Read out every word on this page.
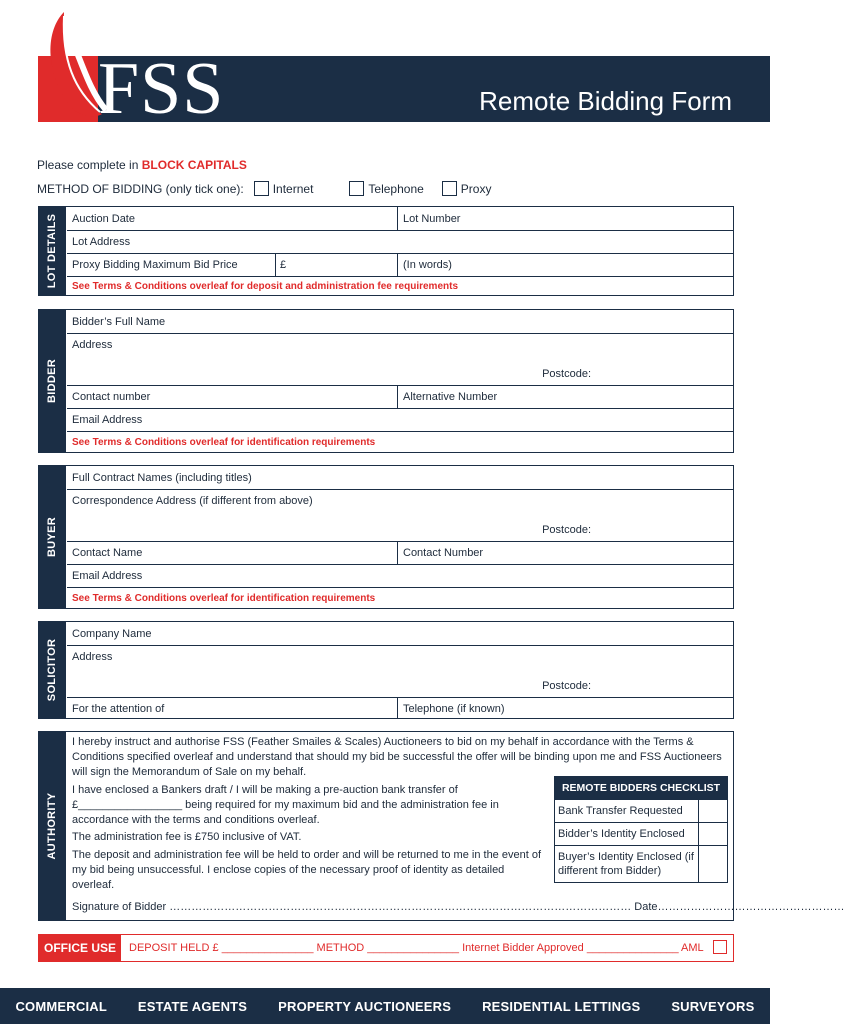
FSS	Remote Bidding Form
Please complete in BLOCK CAPITALS
METHOD OF BIDDING (only tick one): Internet	Telephone	Proxy
Auction Date	Lot Number
Lot Address
Proxy Bidding Maximum Bid Price	£	(In words)
See Terms & Conditions overleaf for deposit and administration fee requirements
LOT DETAILS
Bidder’s Full Name
Address
Postcode:
Contact number	Alternative Number
Email Address
See Terms & Conditions overleaf for identification requirements
BIDDER
Full Contract Names (including titles)
Correspondence Address (if different from above)
Postcode:
Contact Name	Contact Number
Email Address
See Terms & Conditions overleaf for identification requirements
BUYER
Company Name
Address
Postcode:
For the attention of	Telephone (if known)
SOLICITOR
I hereby instruct and authorise FSS (Feather Smailes & Scales) Auctioneers to bid on my behalf in accordance with the Terms & Conditions specified overleaf and understand that should my bid be successful the offer will be binding upon me and FSS Auctioneers will sign the Memorandum of Sale on my behalf.
I have enclosed a Bankers draft / I will be making a pre-auction bank transfer of
£_________________ being required for my maximum bid and the administration fee in
accordance with the terms and conditions overleaf.
The administration fee is £750 inclusive of VAT.
The deposit and administration fee will be held to order and will be returned to me in the event of my bid being unsuccessful. I enclose copies of the necessary proof of identity as detailed overleaf.
Signature of Bidder ……………………………………………………………………………………………………………… Date……………………………………………
AUTHORITY
REMOTE BIDDERS CHECKLIST
Bank Transfer Requested
Bidder’s Identity Enclosed
Buyer’s Identity Enclosed (if different from Bidder)
OFFICE USE	DEPOSIT HELD £ _______________ METHOD _______________ Internet Bidder Approved _______________ AML
COMMERCIAL ESTATE AGENTS PROPERTY AUCTIONEERS RESIDENTIAL LETTINGS SURVEYORS
